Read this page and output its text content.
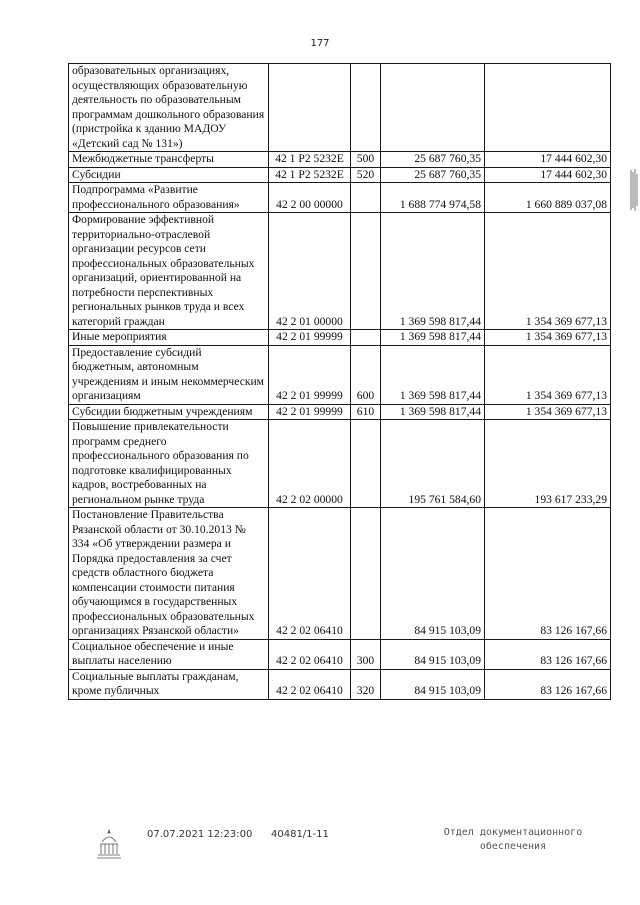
177
образовательных организациях, осуществляющих образовательную деятельность по образовательным программам дошкольного образования (пристройка к зданию МАДОУ «Детский сад № 131»)				
Межбюджетные трансферты	42 1 P2 5232E	500	25 687 760,35	17 444 602,30
Субсидии	42 1 P2 5232E	520	25 687 760,35	17 444 602,30
Подпрограмма «Развитие профессионального образования»	42 2 00 00000		1 688 774 974,58	1 660 889 037,08
Формирование эффективной территориально-отраслевой организации ресурсов сети профессиональных образовательных организаций, ориентированной на потребности перспективных региональных рынков труда и всех категорий граждан	42 2 01 00000		1 369 598 817,44	1 354 369 677,13
Иные мероприятия	42 2 01 99999		1 369 598 817,44	1 354 369 677,13
Предоставление субсидий бюджетным, автономным учреждениям и иным некоммерческим организациям	42 2 01 99999	600	1 369 598 817,44	1 354 369 677,13
Субсидии бюджетным учреждениям	42 2 01 99999	610	1 369 598 817,44	1 354 369 677,13
Повышение привлекательности программ среднего профессионального образования по подготовке квалифицированных кадров, востребованных на региональном рынке труда	42 2 02 00000		195 761 584,60	193 617 233,29
Постановление Правительства Рязанской области от 30.10.2013 № 334 «Об утверждении размера и Порядка предоставления за счет средств областного бюджета компенсации стоимости питания обучающимся в государственных профессиональных образовательных организациях Рязанской области»	42 2 02 06410		84 915 103,09	83 126 167,66
Социальное обеспечение и иные выплаты населению	42 2 02 06410	300	84 915 103,09	83 126 167,66
Социальные выплаты гражданам, кроме публичных	42 2 02 06410	320	84 915 103,09	83 126 167,66
07.07.2021 12:23:00 40481/1-11	Отдел документационного
обеспечения
